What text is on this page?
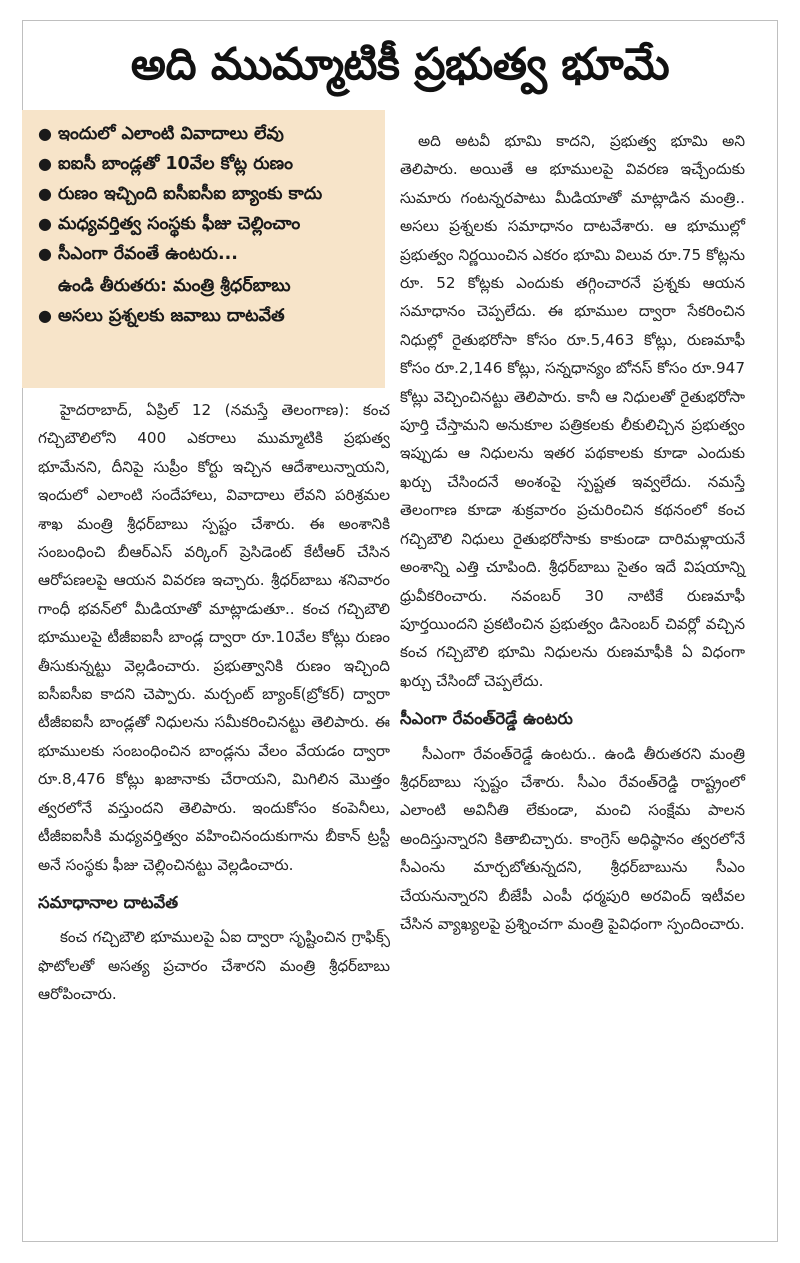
అది ముమ్మాటికీ ప్రభుత్వ భూమే
● ఇందులో ఎలాంటి వివాదాలు లేవు
● ఐఐసీ బాండ్లతో 10వేల కోట్ల రుణం
● రుణం ఇచ్చింది ఐసీఐసీఐ బ్యాంకు కాదు
● మధ్యవర్తిత్వ సంస్థకు ఫీజు చెల్లించాం
● సీఎంగా రేవంతే ఉంటరు...
ఉండి తీరుతరు: మంత్రి శ్రీధర్‌బాబు
● అసలు ప్రశ్నలకు జవాబు దాటవేత

హైదరాబాద్, ఏప్రిల్ 12 (నమస్తే తెలంగాణ): కంచ గచ్చిబౌలిలోని 400 ఎకరాలు ముమ్మాటికి ప్రభుత్వ భూమేనని, దీనిపై సుప్రీం కోర్టు ఇచ్చిన ఆదేశాలున్నాయని, ఇందులో ఎలాంటి సందేహాలు, వివాదాలు లేవని పరిశ్రమల శాఖ మంత్రి శ్రీధర్‌బాబు స్పష్టం చేశారు. ఈ అంశానికి సంబంధించి బీఆర్‌ఎస్ వర్కింగ్ ప్రెసిడెంట్ కేటీఆర్ చేసిన ఆరోపణలపై ఆయన వివరణ ఇచ్చారు. శ్రీధర్‌బాబు శనివారం గాంధీ భవన్‌లో మీడియాతో మాట్లాడుతూ.. కంచ గచ్చిబౌలి భూములపై టీజీఐఐసీ బాండ్ల ద్వారా రూ.10వేల కోట్లు రుణం తీసుకున్నట్టు వెల్లడించారు. ప్రభుత్వానికి రుణం ఇచ్చింది ఐసీఐసీఐ కాదని చెప్పారు. మర్చంట్ బ్యాంక్(బ్రోకర్) ద్వారా టీజీఐఐసీ బాండ్లతో నిధులను సమీకరించినట్టు తెలిపారు. ఈ భూములకు సంబంధించిన బాండ్లను వేలం వేయడం ద్వారా రూ.8,476 కోట్లు ఖజానాకు చేరాయని, మిగిలిన మొత్తం త్వరలోనే వస్తుందని తెలిపారు. ఇందుకోసం కంపెనీలు, టీజీఐఐసీకి మధ్యవర్తిత్వం వహించినందుకుగాను బీకాన్ ట్రస్టీ అనే సంస్థకు ఫీజు చెల్లించినట్టు వెల్లడించారు.

సమాధానాల దాటవేత

కంచ గచ్చిబౌలి భూములపై ఏఐ ద్వారా సృష్టించిన గ్రాఫిక్స్ ఫొటోలతో అసత్య ప్రచారం చేశారని మంత్రి శ్రీధర్‌బాబు ఆరోపించారు.

అది అటవీ భూమి కాదని, ప్రభుత్వ భూమి అని తెలిపారు. అయితే ఆ భూములపై వివరణ ఇచ్చేందుకు సుమారు గంటన్నరపాటు మీడియాతో మాట్లాడిన మంత్రి.. అసలు ప్రశ్నలకు సమాధానం దాటవేశారు. ఆ భూముల్లో ప్రభుత్వం నిర్ణయించిన ఎకరం భూమి విలువ రూ.75 కోట్లను రూ. 52 కోట్లకు ఎందుకు తగ్గించారనే ప్రశ్నకు ఆయన సమాధానం చెప్పలేదు. ఈ భూముల ద్వారా సేకరించిన నిధుల్లో రైతుభరోసా కోసం రూ.5,463 కోట్లు, రుణమాఫీ కోసం రూ.2,146 కోట్లు, సన్నధాన్యం బోనస్ కోసం రూ.947 కోట్లు వెచ్చించినట్టు తెలిపారు. కానీ ఆ నిధులతో రైతుభరోసా పూర్తి చేస్తామని అనుకూల పత్రికలకు లీకులిచ్చిన ప్రభుత్వం ఇప్పుడు ఆ నిధులను ఇతర పథకాలకు కూడా ఎందుకు ఖర్చు చేసిందనే అంశంపై స్పష్టత ఇవ్వలేదు. నమస్తే తెలంగాణ కూడా శుక్రవారం ప్రచురించిన కథనంలో కంచ గచ్చిబౌలి నిధులు రైతుభరోసాకు కాకుండా దారిమళ్లాయనే అంశాన్ని ఎత్తి చూపింది. శ్రీధర్‌బాబు సైతం ఇదే విషయాన్ని ధ్రువీకరించారు. నవంబర్ 30 నాటికే రుణమాఫీ పూర్తయిందని ప్రకటించిన ప్రభుత్వం డిసెంబర్ చివర్లో వచ్చిన కంచ గచ్చిబౌలి భూమి నిధులను రుణమాఫీకి ఏ విధంగా ఖర్చు చేసిందో చెప్పలేదు.

సీఎంగా రేవంత్‌రెడ్డే ఉంటరు

సీఎంగా రేవంత్‌రెడ్డే ఉంటరు.. ఉండి తీరుతరని మంత్రి శ్రీధర్‌బాబు స్పష్టం చేశారు. సీఎం రేవంత్‌రెడ్డి రాష్ట్రంలో ఎలాంటి అవినీతి లేకుండా, మంచి సంక్షేమ పాలన అందిస్తున్నారని కితాబిచ్చారు. కాంగ్రెస్ అధిష్ఠానం త్వరలోనే సీఎంను మార్చబోతున్నదని, శ్రీధర్‌బాబును సీఎం చేయనున్నారని బీజేపీ ఎంపీ ధర్మపురి అరవింద్ ఇటీవల చేసిన వ్యాఖ్యలపై ప్రశ్నించగా మంత్రి పైవిధంగా స్పందించారు.
